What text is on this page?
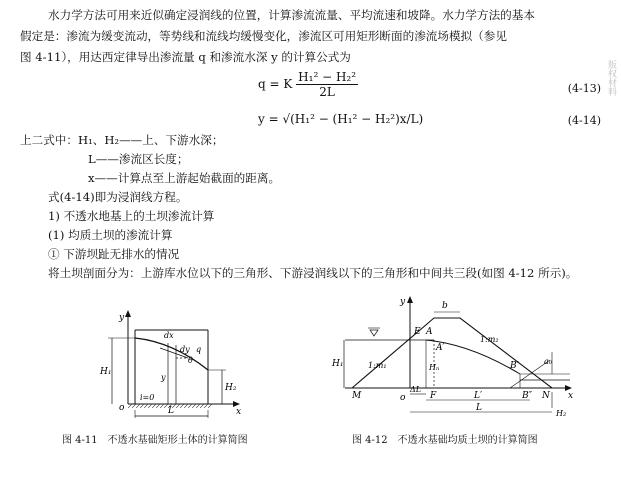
水力学方法可用来近似确定浸润线的位置，计算渗流流量、平均流速和坡降。水力学方法的基本
假定是：渗流为缓变流动，等势线和流线均缓慢变化，渗流区可用矩形断面的渗流场模拟（参见
图 4-11），用达西定律导出渗流量 q 和渗流水深 y 的计算公式为
q = K $\frac{\text{H₁² − H₂²}}{2L}$	(4-13)
y = √(H₁² − (H₁² − H₂²)x/L)	(4-14)
上二式中：H₁、H₂——上、下游水深；
L——渗流区长度；
x——计算点至上游起始截面的距离。
式(4-14)即为浸润线方程。
1) 不透水地基上的土坝渗流计算
(1) 均质土坝的渗流计算
① 下游坝趾无排水的情况
将土坝剖面分为：上游库水位以下的三角形、下游浸润线以下的三角形和中间共三段(如图 4-12 所示)。
版权材料
y
x
o
H₁
H₂
L
i=0
dx
dy
θ
y
q
图 4-11　不透水基础矩形土体的计算简图
y
x
o
E A
A′
b
1:m₂
1:m₁	B′	a₀
H₁	Hₙ
M	F
ΔL
B″ N
L′
L
H₂
图 4-12　不透水基础均质土坝的计算简图
